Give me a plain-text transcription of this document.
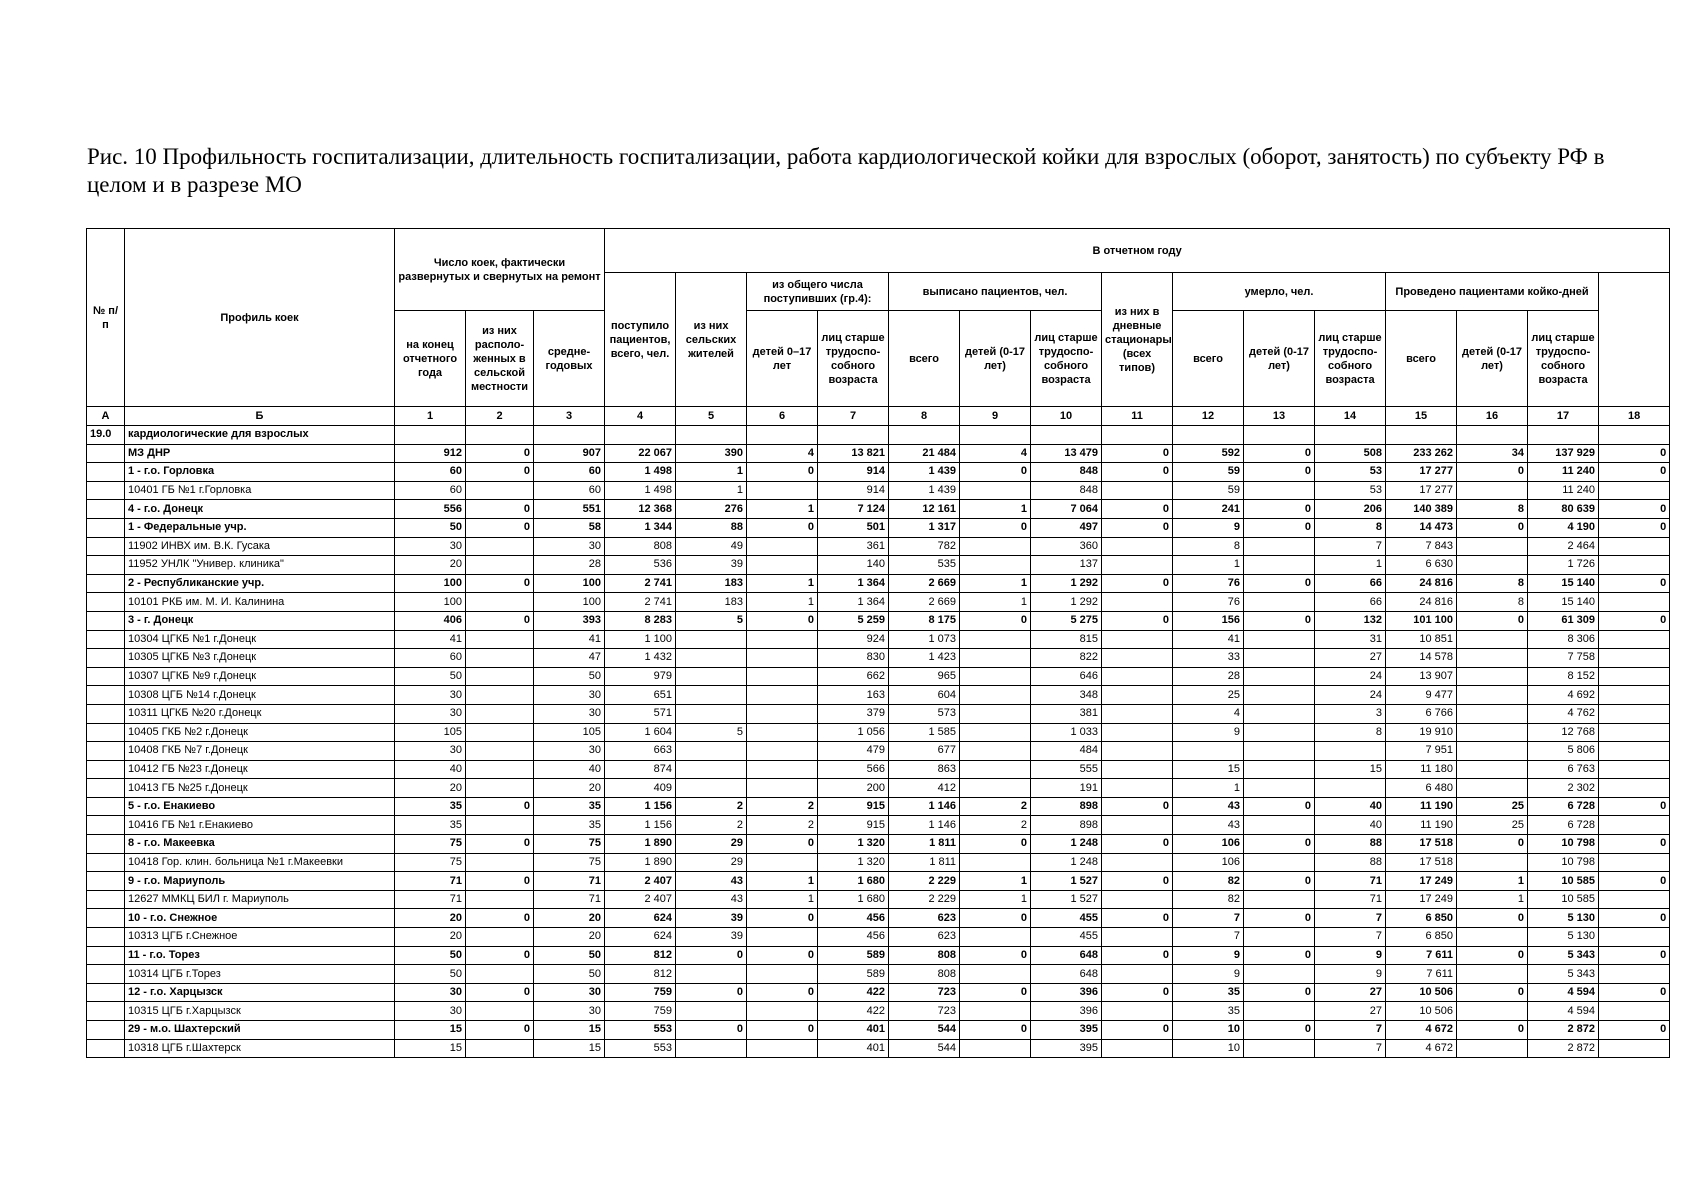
Рис. 10 Профильность госпитализации, длительность госпитализации, работа кардиологической койки для взрослых (оборот, занятость) по субъекту РФ в целом и в разрезе МО
№ п/п	Профиль коек	Число коек, фактически развернутых и свернутых на ремонт			В отчетном году	
					поступило пациентов, всего, чел.	из них сельских жителей	из общего числа поступивших (гр.4):		выписано пациентов, чел.			из них в дневные стационары (всех типов)	умерло, чел.			Проведено пациентами койко-дней				
		на конец отчетного года	из них располо-женных в сельской местности	средне-годовых			детей 0–17 лет	лиц старше трудоспо-собного возраста	всего	детей (0-17 лет)	лиц старше трудоспо-собного возраста		всего	детей (0-17 лет)	лиц старше трудоспо-собного возраста	всего	детей (0-17 лет)	лиц старше трудоспо-собного возраста		
А	Б	1	2	3	4	5	6	7	8	9	10	11	12	13	14	15	16	17	18	
19.0	кардиологические для взрослых																			
	МЗ ДНР	912	0	907	22 067	390	4	13 821	21 484	4	13 479	0	592	0	508	233 262	34	137 929	0	
	1 - г.о. Горловка	60	0	60	1 498	1	0	914	1 439	0	848	0	59	0	53	17 277	0	11 240	0	
	10401 ГБ №1 г.Горловка	60		60	1 498	1		914	1 439		848		59		53	17 277		11 240		
	4 - г.о. Донецк	556	0	551	12 368	276	1	7 124	12 161	1	7 064	0	241	0	206	140 389	8	80 639	0	
	1 - Федеральные учр.	50	0	58	1 344	88	0	501	1 317	0	497	0	9	0	8	14 473	0	4 190	0	
	11902 ИНВХ им. В.К. Гусака	30		30	808	49		361	782		360		8		7	7 843		2 464		
	11952 УНЛК "Универ. клиника"	20		28	536	39		140	535		137		1		1	6 630		1 726		
	2 - Республиканские учр.	100	0	100	2 741	183	1	1 364	2 669	1	1 292	0	76	0	66	24 816	8	15 140	0	
	10101 РКБ им. М. И. Калинина	100		100	2 741	183	1	1 364	2 669	1	1 292		76		66	24 816	8	15 140		
	3 - г. Донецк	406	0	393	8 283	5	0	5 259	8 175	0	5 275	0	156	0	132	101 100	0	61 309	0	
	10304 ЦГКБ №1 г.Донецк	41		41	1 100			924	1 073		815		41		31	10 851		8 306		
	10305 ЦГКБ №3 г.Донецк	60		47	1 432			830	1 423		822		33		27	14 578		7 758		
	10307 ЦГКБ №9 г.Донецк	50		50	979			662	965		646		28		24	13 907		8 152		
	10308 ЦГБ №14 г.Донецк	30		30	651			163	604		348		25		24	9 477		4 692		
	10311 ЦГКБ №20 г.Донецк	30		30	571			379	573		381		4		3	6 766		4 762		
	10405 ГКБ №2 г.Донецк	105		105	1 604	5		1 056	1 585		1 033		9		8	19 910		12 768		
	10408 ГКБ №7 г.Донецк	30		30	663			479	677		484					7 951		5 806		
	10412 ГБ №23 г.Донецк	40		40	874			566	863		555		15		15	11 180		6 763		
	10413 ГБ №25 г.Донецк	20		20	409			200	412		191		1			6 480		2 302		
	5 - г.о. Енакиево	35	0	35	1 156	2	2	915	1 146	2	898	0	43	0	40	11 190	25	6 728	0	
	10416 ГБ №1 г.Енакиево	35		35	1 156	2	2	915	1 146	2	898		43		40	11 190	25	6 728		
	8 - г.о. Макеевка	75	0	75	1 890	29	0	1 320	1 811	0	1 248	0	106	0	88	17 518	0	10 798	0	
	10418 Гор. клин. больница №1 г.Макеевки	75		75	1 890	29		1 320	1 811		1 248		106		88	17 518		10 798		
	9 - г.о. Мариуполь	71	0	71	2 407	43	1	1 680	2 229	1	1 527	0	82	0	71	17 249	1	10 585	0	
	12627 ММКЦ БИЛ г. Мариуполь	71		71	2 407	43	1	1 680	2 229	1	1 527		82		71	17 249	1	10 585		
	10 - г.о. Снежное	20	0	20	624	39	0	456	623	0	455	0	7	0	7	6 850	0	5 130	0	
	10313 ЦГБ г.Снежное	20		20	624	39		456	623		455		7		7	6 850		5 130		
	11 - г.о. Торез	50	0	50	812	0	0	589	808	0	648	0	9	0	9	7 611	0	5 343	0	
	10314 ЦГБ г.Торез	50		50	812			589	808		648		9		9	7 611		5 343		
	12 - г.о. Харцызск	30	0	30	759	0	0	422	723	0	396	0	35	0	27	10 506	0	4 594	0	
	10315 ЦГБ г.Харцызск	30		30	759			422	723		396		35		27	10 506		4 594		
	29 - м.о. Шахтерский	15	0	15	553	0	0	401	544	0	395	0	10	0	7	4 672	0	2 872	0	
	10318 ЦГБ г.Шахтерск	15		15	553			401	544		395		10		7	4 672		2 872		
